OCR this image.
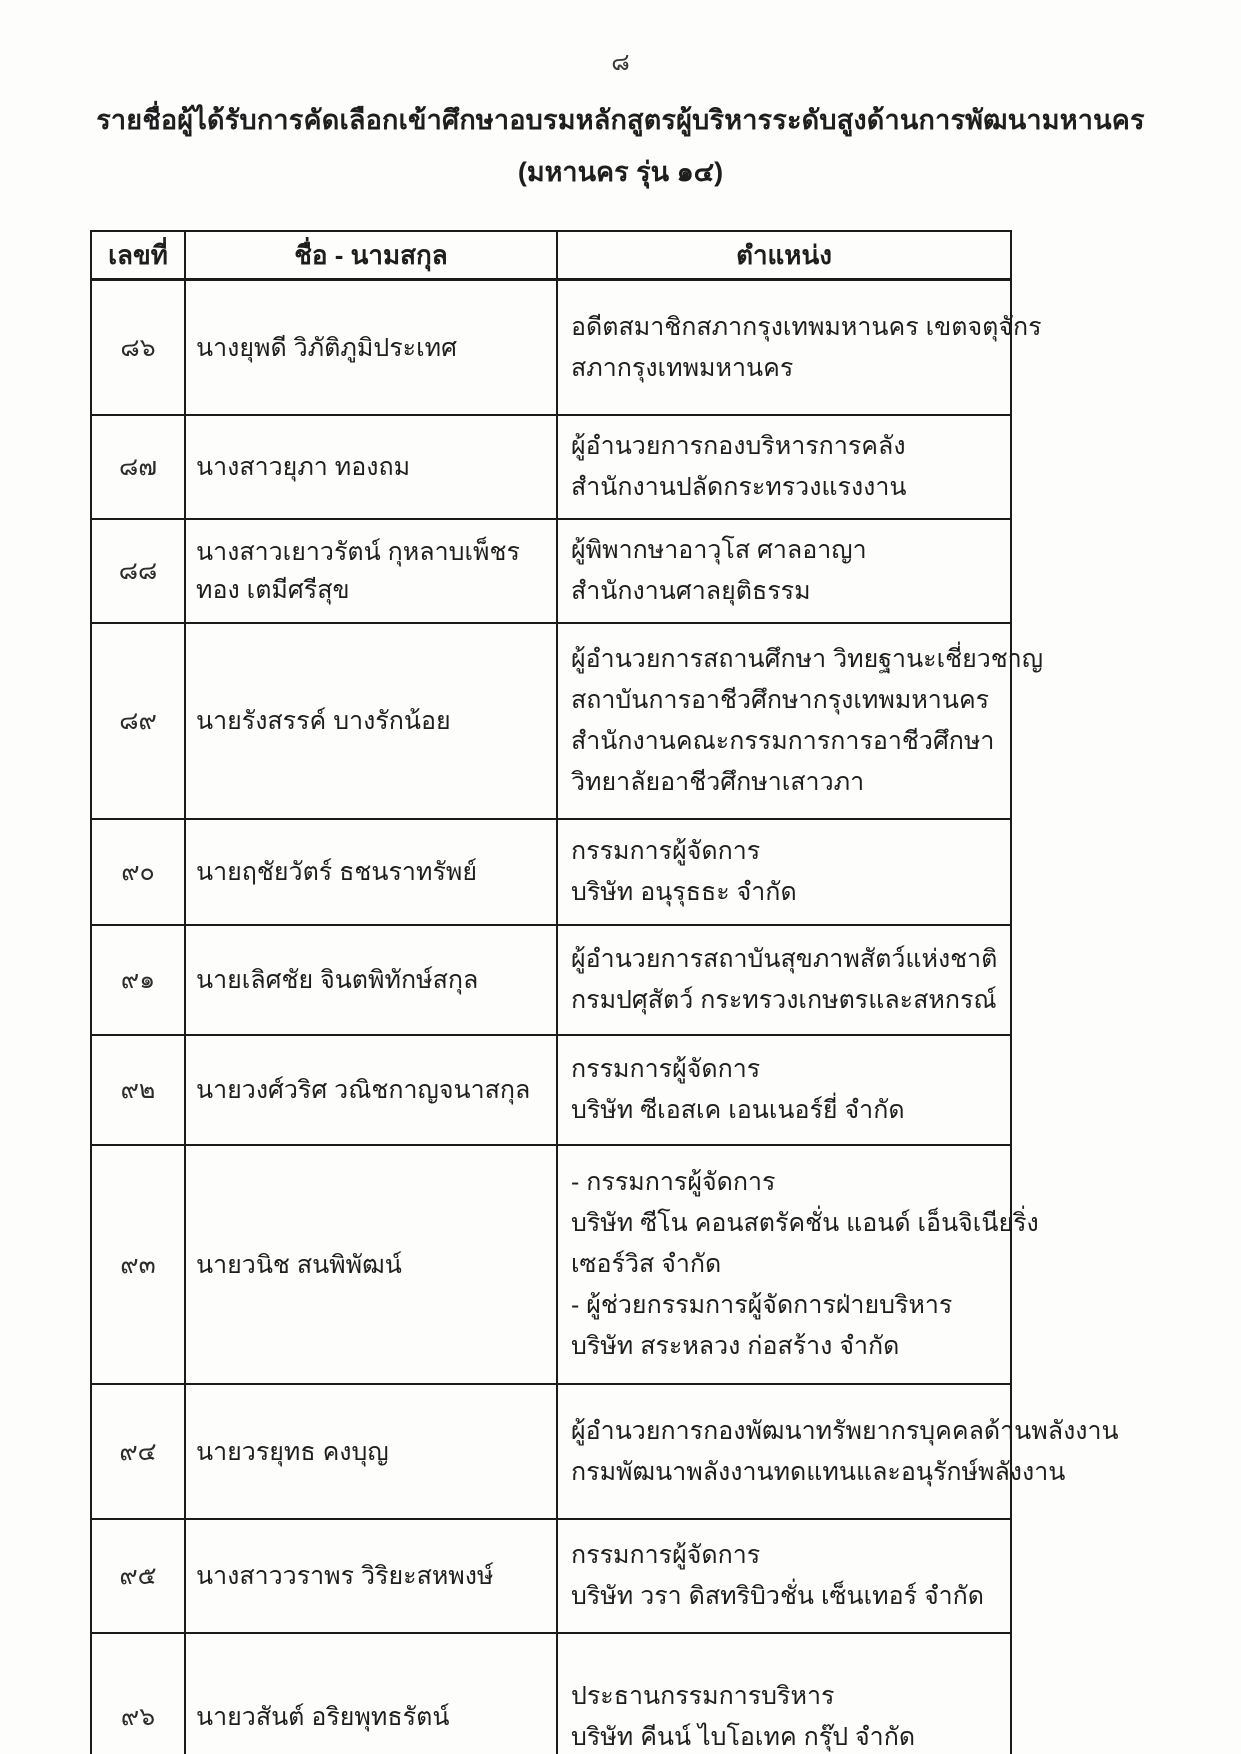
๘
รายชื่อผู้ได้รับการคัดเลือกเข้าศึกษาอบรมหลักสูตรผู้บริหารระดับสูงด้านการพัฒนามหานคร
(มหานคร รุ่น ๑๔)
เลขที่	ชื่อ - นามสกุล	ตำแหน่ง
๘๖	นางยุพดี วิภัติภูมิประเทศ	อดีตสมาชิกสภากรุงเทพมหานคร เขตจตุจักร
สภากรุงเทพมหานคร

๘๗	นางสาวยุภา ทองถม	ผู้อำนวยการกองบริหารการคลัง
สำนักงานปลัดกระทรวงแรงงาน

๘๘	นางสาวเยาวรัตน์ กุหลาบเพ็ชรทอง เตมีศรีสุข	ผู้พิพากษาอาวุโส ศาลอาญา
สำนักงานศาลยุติธรรม

๘๙	นายรังสรรค์ บางรักน้อย	ผู้อำนวยการสถานศึกษา วิทยฐานะเชี่ยวชาญ
สถาบันการอาชีวศึกษากรุงเทพมหานคร
สำนักงานคณะกรรมการการอาชีวศึกษา
วิทยาลัยอาชีวศึกษาเสาวภา

๙๐	นายฤชัยวัตร์ ธชนราทรัพย์	กรรมการผู้จัดการ
บริษัท อนุรุธธะ จำกัด

๙๑	นายเลิศชัย จินตพิทักษ์สกุล	ผู้อำนวยการสถาบันสุขภาพสัตว์แห่งชาติ
กรมปศุสัตว์ กระทรวงเกษตรและสหกรณ์

๙๒	นายวงศ์วริศ วณิชกาญจนาสกุล	กรรมการผู้จัดการ
บริษัท ซีเอสเค เอนเนอร์ยี่ จำกัด

๙๓	นายวนิช สนพิพัฒน์	- กรรมการผู้จัดการ
บริษัท ซีโน คอนสตรัคชั่น แอนด์ เอ็นจิเนียริ่ง
เซอร์วิส จำกัด
- ผู้ช่วยกรรมการผู้จัดการฝ่ายบริหาร
บริษัท สระหลวง ก่อสร้าง จำกัด

๙๔	นายวรยุทธ คงบุญ	ผู้อำนวยการกองพัฒนาทรัพยากรบุคคลด้านพลังงาน
กรมพัฒนาพลังงานทดแทนและอนุรักษ์พลังงาน

๙๕	นางสาววราพร วิริยะสหพงษ์	กรรมการผู้จัดการ
บริษัท วรา ดิสทริบิวชั่น เซ็นเทอร์ จำกัด

๙๖	นายวสันต์ อริยพุทธรัตน์	ประธานกรรมการบริหาร
บริษัท คีนน์ ไบโอเทค กรุ๊ป จำกัด
